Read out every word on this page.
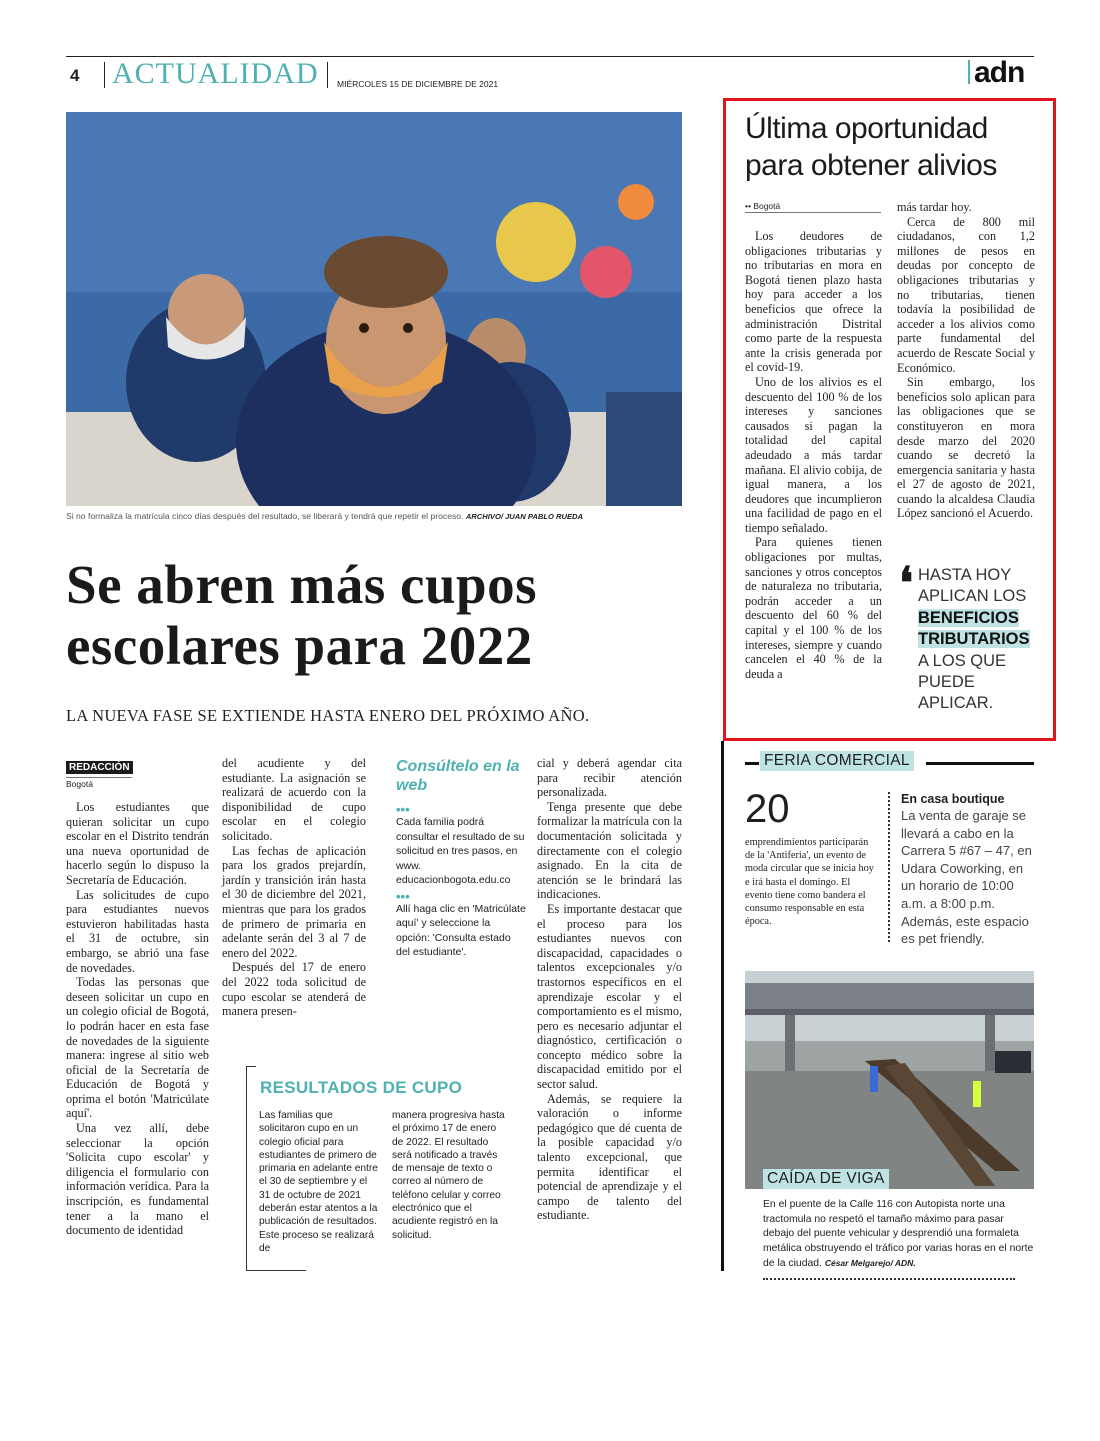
4 ACTUALIDAD MIÉRCOLES 15 DE DICIEMBRE DE 2021	adn
Si no formaliza la matrícula cinco días después del resultado, se liberará y tendrá que repetir el proceso. ARCHIVO/ JUAN PABLO RUEDA
Se abren más cupos escolares para 2022
LA NUEVA FASE SE EXTIENDE HASTA ENERO DEL PRÓXIMO AÑO.
REDACCIÓN
Bogotá

Los estudiantes que quieran solicitar un cupo escolar en el Distrito tendrán una nueva oportunidad de hacerlo según lo dispuso la Secretaría de Educación.

Las solicitudes de cupo para estudiantes nuevos estuvieron habilitadas hasta el 31 de octubre, sin embargo, se abrió una fase de novedades.

Todas las personas que deseen solicitar un cupo en un colegio oficial de Bogotá, lo podrán hacer en esta fase de novedades de la siguiente manera: ingrese al sitio web oficial de la Secretaría de Educación de Bogotá y oprima el botón 'Matricúlate aquí'.

Una vez allí, debe seleccionar la opción 'Solicita cupo escolar' y diligencia el formulario con información verídica. Para la inscripción, es fundamental tener a la mano el documento de identidad

del acudiente y del estudiante. La asignación se realizará de acuerdo con la disponibilidad de cupo escolar en el colegio solicitado.

Las fechas de aplicación para los grados prejardín, jardín y transición irán hasta el 30 de diciembre del 2021, mientras que para los grados de primero de primaria en adelante serán del 3 al 7 de enero del 2022.

Después del 17 de enero del 2022 toda solicitud de cupo escolar se atenderá de manera presen-

Consúltelo en la web
•••
Cada familia podrá consultar el resultado de su solicitud en tres pasos, en www. educacionbogota.edu.co
•••
Allí haga clic en 'Matricúlate aquí' y seleccione la opción: 'Consulta estado del estudiante'.

cial y deberá agendar cita para recibir atención personalizada.

Tenga presente que debe formalizar la matrícula con la documentación solicitada y directamente con el colegio asignado. En la cita de atención se le brindará las indicaciones.

Es importante destacar que el proceso para los estudiantes nuevos con discapacidad, capacidades o talentos excepcionales y/o trastornos específicos en el aprendizaje escolar y el comportamiento es el mismo, pero es necesario adjuntar el diagnóstico, certificación o concepto médico sobre la discapacidad emitido por el sector salud.

Además, se requiere la valoración o informe pedagógico que dé cuenta de la posible capacidad y/o talento excepcional, que permita identificar el potencial de aprendizaje y el campo de talento del estudiante.

RESULTADOS DE CUPO
Las familias que solicitaron cupo en un colegio oficial para estudiantes de primero de primaria en adelante entre el 30 de septiembre y el 31 de octubre de 2021 deberán estar atentos a la publicación de resultados. Este proceso se realizará de
manera progresiva hasta el próximo 17 de enero de 2022. El resultado será notificado a través de mensaje de texto o correo al número de teléfono celular y correo electrónico que el acudiente registró en la solicitud.
Última oportunidad para obtener alivios
•• Bogotá

Los deudores de obligaciones tributarias y no tributarias en mora en Bogotá tienen plazo hasta hoy para acceder a los beneficios que ofrece la administración Distrital como parte de la respuesta ante la crisis generada por el covid-19.

Uno de los alivios es el descuento del 100 % de los intereses y sanciones causados si pagan la totalidad del capital adeudado a más tardar mañana. El alivio cobija, de igual manera, a los deudores que incumplieron una facilidad de pago en el tiempo señalado.

Para quienes tienen obligaciones por multas, sanciones y otros conceptos de naturaleza no tributaria, podrán acceder a un descuento del 60 % del capital y el 100 % de los intereses, siempre y cuando cancelen el 40 % de la deuda a

más tardar hoy.

Cerca de 800 mil ciudadanos, con 1,2 millones de pesos en deudas por concepto de obligaciones tributarias y no tributarias, tienen todavía la posibilidad de acceder a los alivios como parte fundamental del acuerdo de Rescate Social y Económico.

Sin embargo, los beneficios solo aplican para las obligaciones que se constituyeron en mora desde marzo del 2020 cuando se decretó la emergencia sanitaria y hasta el 27 de agosto de 2021, cuando la alcaldesa Claudia López sancionó el Acuerdo.

❛ HASTA HOY APLICAN LOS
BENEFICIOS
TRIBUTARIOS
A LOS QUE PUEDE APLICAR.
FERIA COMERCIAL
20
emprendimientos participarán de la 'Antiferia', un evento de moda circular que se inicia hoy e irá hasta el domingo. El evento tiene como bandera el consumo responsable en esta época.
En casa boutique
La venta de garaje se llevará a cabo en la Carrera 5 #67 – 47, en Udara Coworking, en un horario de 10:00 a.m. a 8:00 p.m. Además, este espacio es pet friendly.
CAÍDA DE VIGA
En el puente de la Calle 116 con Autopista norte una tractomula no respetó el tamaño máximo para pasar debajo del puente vehicular y desprendió una formaleta metálica obstruyendo el tráfico por varias horas en el norte de la ciudad. César Melgarejo/ ADN.
